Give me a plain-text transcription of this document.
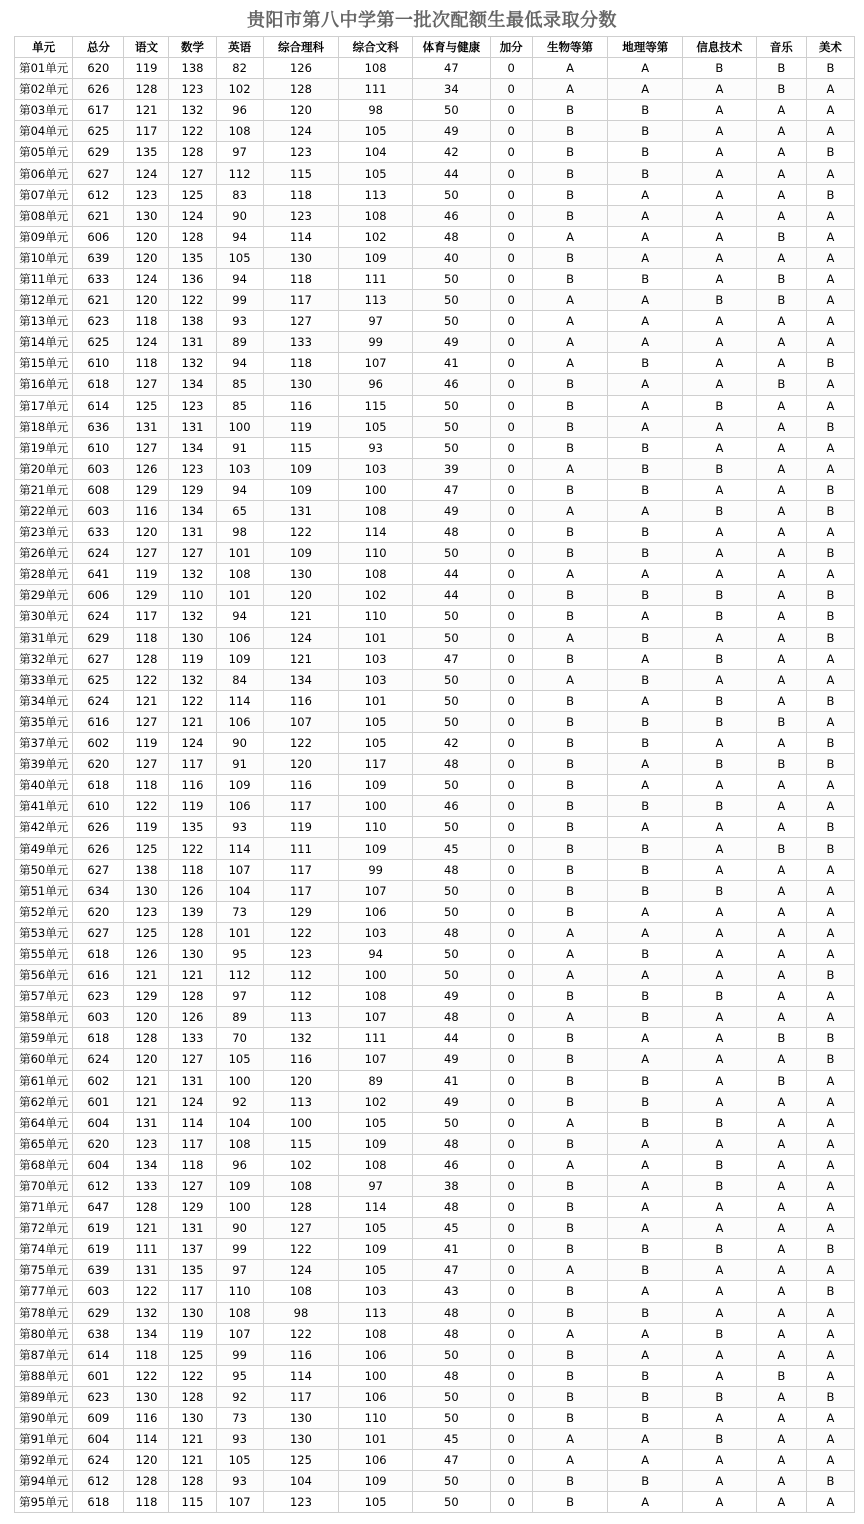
贵阳市第八中学第一批次配额生最低录取分数
单元	总分	语文	数学	英语	综合理科	综合文科	体育与健康	加分	生物等第	地理等第	信息技术	音乐	美术
第01单元	620	119	138	82	126	108	47	0	A	A	B	B	B
第02单元	626	128	123	102	128	111	34	0	A	A	A	B	A
第03单元	617	121	132	96	120	98	50	0	B	B	A	A	A
第04单元	625	117	122	108	124	105	49	0	B	B	A	A	A
第05单元	629	135	128	97	123	104	42	0	B	B	A	A	B
第06单元	627	124	127	112	115	105	44	0	B	B	A	A	A
第07单元	612	123	125	83	118	113	50	0	B	A	A	A	B
第08单元	621	130	124	90	123	108	46	0	B	A	A	A	A
第09单元	606	120	128	94	114	102	48	0	A	A	A	B	A
第10单元	639	120	135	105	130	109	40	0	B	A	A	A	A
第11单元	633	124	136	94	118	111	50	0	B	B	A	B	A
第12单元	621	120	122	99	117	113	50	0	A	A	B	B	A
第13单元	623	118	138	93	127	97	50	0	A	A	A	A	A
第14单元	625	124	131	89	133	99	49	0	A	A	A	A	A
第15单元	610	118	132	94	118	107	41	0	A	B	A	A	B
第16单元	618	127	134	85	130	96	46	0	B	A	A	B	A
第17单元	614	125	123	85	116	115	50	0	B	A	B	A	A
第18单元	636	131	131	100	119	105	50	0	B	A	A	A	B
第19单元	610	127	134	91	115	93	50	0	B	B	A	A	A
第20单元	603	126	123	103	109	103	39	0	A	B	B	A	A
第21单元	608	129	129	94	109	100	47	0	B	B	A	A	B
第22单元	603	116	134	65	131	108	49	0	A	A	B	A	B
第23单元	633	120	131	98	122	114	48	0	B	B	A	A	A
第26单元	624	127	127	101	109	110	50	0	B	B	A	A	B
第28单元	641	119	132	108	130	108	44	0	A	A	A	A	A
第29单元	606	129	110	101	120	102	44	0	B	B	B	A	B
第30单元	624	117	132	94	121	110	50	0	B	A	B	A	B
第31单元	629	118	130	106	124	101	50	0	A	B	A	A	B
第32单元	627	128	119	109	121	103	47	0	B	A	B	A	A
第33单元	625	122	132	84	134	103	50	0	A	B	A	A	A
第34单元	624	121	122	114	116	101	50	0	B	A	B	A	B
第35单元	616	127	121	106	107	105	50	0	B	B	B	B	A
第37单元	602	119	124	90	122	105	42	0	B	B	A	A	B
第39单元	620	127	117	91	120	117	48	0	B	A	B	B	B
第40单元	618	118	116	109	116	109	50	0	B	A	A	A	A
第41单元	610	122	119	106	117	100	46	0	B	B	B	A	A
第42单元	626	119	135	93	119	110	50	0	B	A	A	A	B
第49单元	626	125	122	114	111	109	45	0	B	B	A	B	B
第50单元	627	138	118	107	117	99	48	0	B	B	A	A	A
第51单元	634	130	126	104	117	107	50	0	B	B	B	A	A
第52单元	620	123	139	73	129	106	50	0	B	A	A	A	A
第53单元	627	125	128	101	122	103	48	0	A	A	A	A	A
第55单元	618	126	130	95	123	94	50	0	A	B	A	A	A
第56单元	616	121	121	112	112	100	50	0	A	A	A	A	B
第57单元	623	129	128	97	112	108	49	0	B	B	B	A	A
第58单元	603	120	126	89	113	107	48	0	A	B	A	A	A
第59单元	618	128	133	70	132	111	44	0	B	A	A	B	B
第60单元	624	120	127	105	116	107	49	0	B	A	A	A	B
第61单元	602	121	131	100	120	89	41	0	B	B	A	B	A
第62单元	601	121	124	92	113	102	49	0	B	B	A	A	A
第64单元	604	131	114	104	100	105	50	0	A	B	B	A	A
第65单元	620	123	117	108	115	109	48	0	B	A	A	A	A
第68单元	604	134	118	96	102	108	46	0	A	A	B	A	A
第70单元	612	133	127	109	108	97	38	0	B	A	B	A	A
第71单元	647	128	129	100	128	114	48	0	B	A	A	A	A
第72单元	619	121	131	90	127	105	45	0	B	A	A	A	A
第74单元	619	111	137	99	122	109	41	0	B	B	B	A	B
第75单元	639	131	135	97	124	105	47	0	A	B	A	A	A
第77单元	603	122	117	110	108	103	43	0	B	A	A	A	B
第78单元	629	132	130	108	98	113	48	0	B	B	A	A	A
第80单元	638	134	119	107	122	108	48	0	A	A	B	A	A
第87单元	614	118	125	99	116	106	50	0	B	A	A	A	A
第88单元	601	122	122	95	114	100	48	0	B	B	A	B	A
第89单元	623	130	128	92	117	106	50	0	B	B	B	A	B
第90单元	609	116	130	73	130	110	50	0	B	B	A	A	A
第91单元	604	114	121	93	130	101	45	0	A	A	B	A	A
第92单元	624	120	121	105	125	106	47	0	A	A	A	A	A
第94单元	612	128	128	93	104	109	50	0	B	B	A	A	B
第95单元	618	118	115	107	123	105	50	0	B	A	A	A	A
